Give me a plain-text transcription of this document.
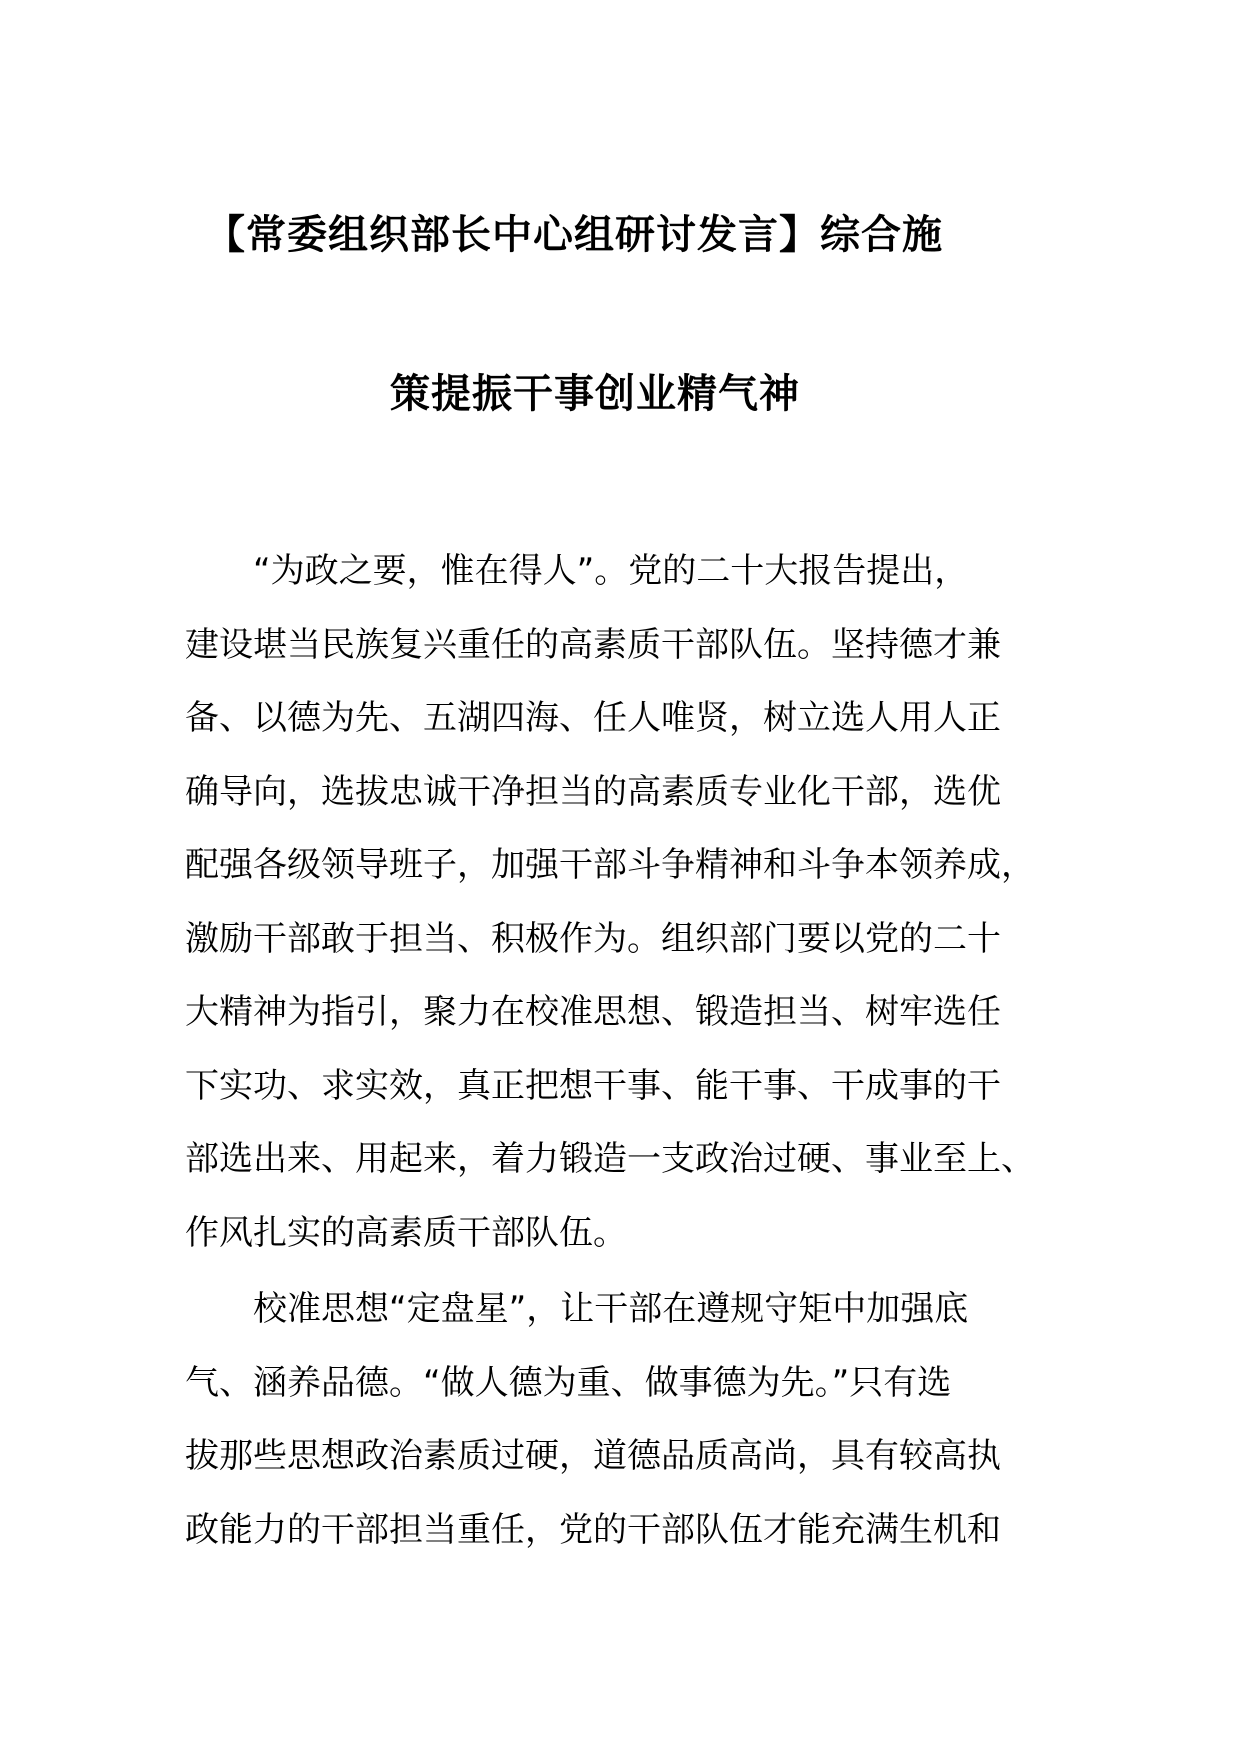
【常委组织部长中心组研讨发言】综合施
策提振干事创业精气神
“为政之要，惟在得人”。党的二十大报告提出，
建设堪当民族复兴重任的高素质干部队伍。坚持德才兼
备、以德为先、五湖四海、任人唯贤，树立选人用人正
确导向，选拔忠诚干净担当的高素质专业化干部，选优
配强各级领导班子，加强干部斗争精神和斗争本领养成，
激励干部敢于担当、积极作为。组织部门要以党的二十
大精神为指引，聚力在校准思想、锻造担当、树牢选任
下实功、求实效，真正把想干事、能干事、干成事的干
部选出来、用起来，着力锻造一支政治过硬、事业至上、
作风扎实的高素质干部队伍。
校准思想“定盘星”，让干部在遵规守矩中加强底
气、涵养品德。“做人德为重、做事德为先。”只有选
拔那些思想政治素质过硬，道德品质高尚，具有较高执
政能力的干部担当重任，党的干部队伍才能充满生机和
